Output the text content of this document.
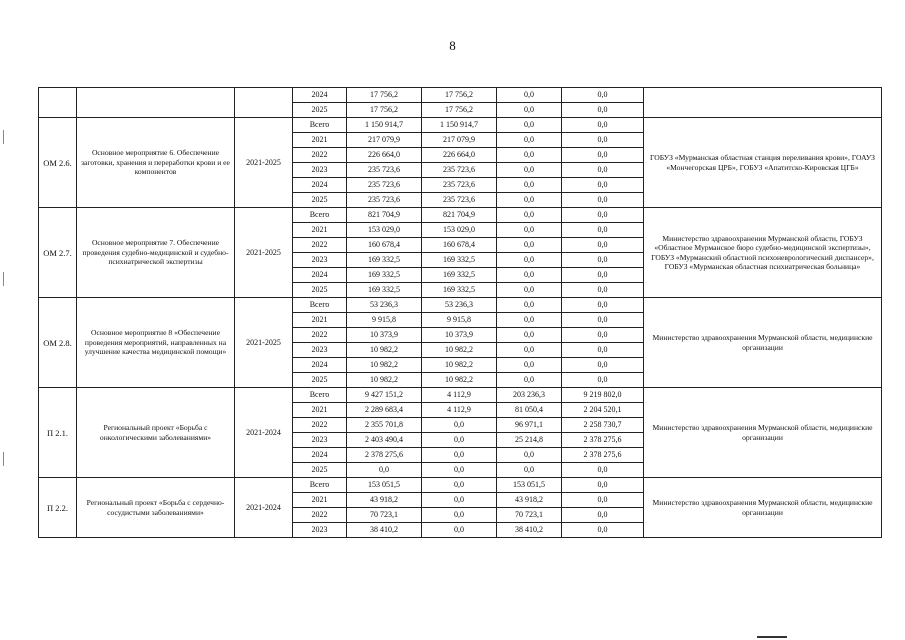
8
			2024	17 756,2	17 756,2	0,0	0,0	
			2025	17 756,2	17 756,2	0,0	0,0	
ОМ 2.6.	Основное мероприятие 6. Обеспечение заготовки, хранения и переработки крови и ее компонентов	2021-2025	Всего	1 150 914,7	1 150 914,7	0,0	0,0	ГОБУЗ «Мурманская областная станция переливания крови», ГОАУЗ «Мончегорская ЦРБ», ГОБУЗ «Апатитско-Кировская ЦГБ»
			2021	217 079,9	217 079,9	0,0	0,0	
			2022	226 664,0	226 664,0	0,0	0,0	
			2023	235 723,6	235 723,6	0,0	0,0	
			2024	235 723,6	235 723,6	0,0	0,0	
			2025	235 723,6	235 723,6	0,0	0,0	
ОМ 2.7.	Основное мероприятие 7. Обеспечение проведения судебно-медицинской и судебно-психиатрической экспертизы	2021-2025	Всего	821 704,9	821 704,9	0,0	0,0	Министерство здравоохранения Мурманской области, ГОБУЗ «Областное Мурманское бюро судебно-медицинской экспертизы», ГОБУЗ «Мурманский областной психоневрологический диспансер», ГОБУЗ «Мурманская областная психиатрическая больница»
			2021	153 029,0	153 029,0	0,0	0,0	
			2022	160 678,4	160 678,4	0,0	0,0	
			2023	169 332,5	169 332,5	0,0	0,0	
			2024	169 332,5	169 332,5	0,0	0,0	
			2025	169 332,5	169 332,5	0,0	0,0	
ОМ 2.8.	Основное мероприятие 8 «Обеспечение проведения мероприятий, направленных на улучшение качества медицинской помощи»	2021-2025	Всего	53 236,3	53 236,3	0,0	0,0	Министерство здравоохранения Мурманской области, медицинские организации
			2021	9 915,8	9 915,8	0,0	0,0	
			2022	10 373,9	10 373,9	0,0	0,0	
			2023	10 982,2	10 982,2	0,0	0,0	
			2024	10 982,2	10 982,2	0,0	0,0	
			2025	10 982,2	10 982,2	0,0	0,0	
П 2.1.	Региональный проект «Борьба с онкологическими заболеваниями»	2021-2024	Всего	9 427 151,2	4 112,9	203 236,3	9 219 802,0	Министерство здравоохранения Мурманской области, медицинские организации
			2021	2 289 683,4	4 112,9	81 050,4	2 204 520,1	
			2022	2 355 701,8	0,0	96 971,1	2 258 730,7	
			2023	2 403 490,4	0,0	25 214,8	2 378 275,6	
			2024	2 378 275,6	0,0	0,0	2 378 275,6	
			2025	0,0	0,0	0,0	0,0	
П 2.2.	Региональный проект «Борьба с сердечно-сосудистыми заболеваниями»	2021-2024	Всего	153 051,5	0,0	153 051,5	0,0	Министерство здравоохранения Мурманской области, медицинские организации
			2021	43 918,2	0,0	43 918,2	0,0	
			2022	70 723,1	0,0	70 723,1	0,0	
			2023	38 410,2	0,0	38 410,2	0,0	
